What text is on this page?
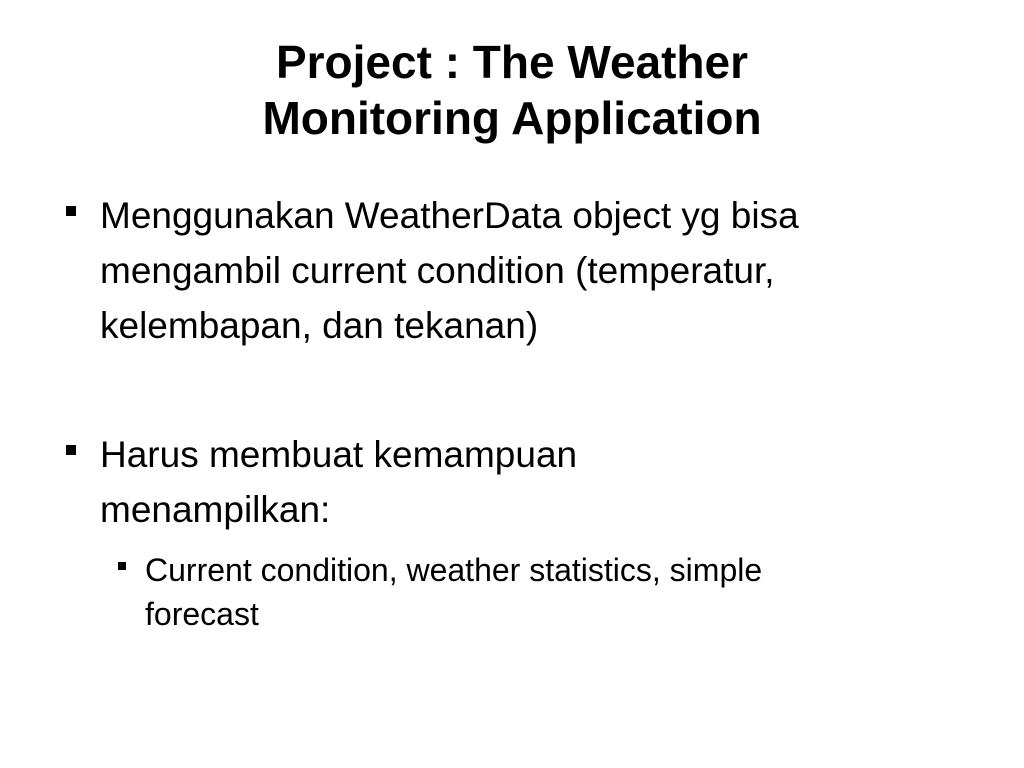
Project : The Weather
Monitoring Application
Menggunakan WeatherData object yg bisa
mengambil current condition (temperatur,
kelembapan, dan tekanan)
Harus membuat kemampuan
menampilkan:
Current condition, weather statistics, simple
forecast
